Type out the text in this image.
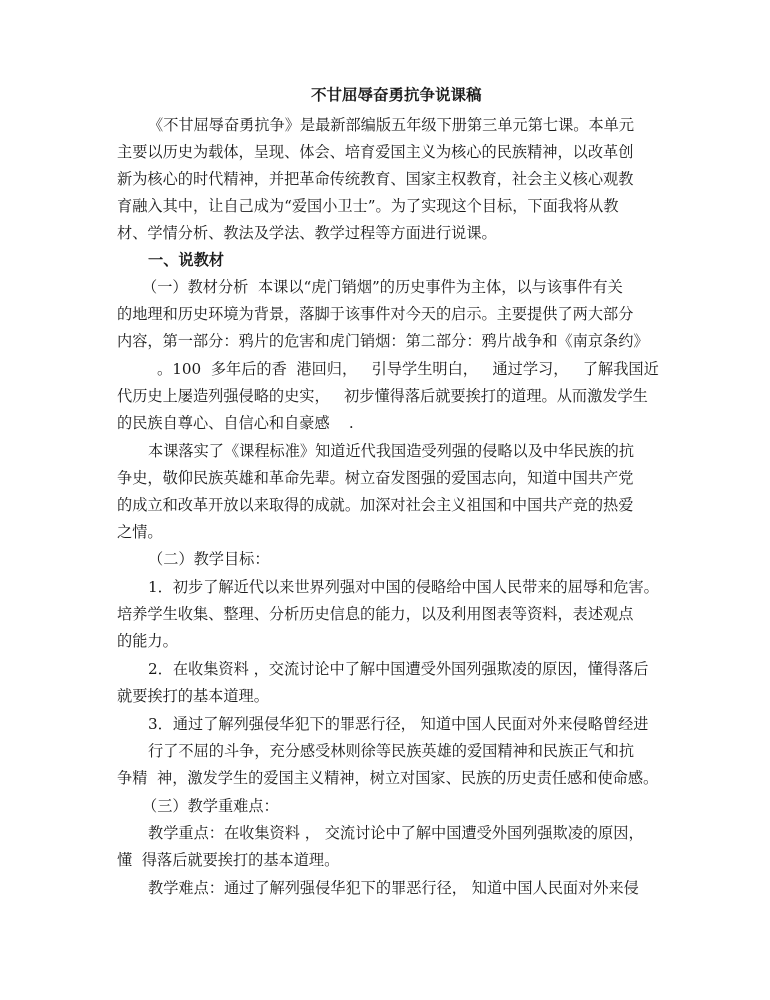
不甘屈辱奋勇抗争说课稿

《不甘屈辱奋勇抗争》是最新部编版五年级下册第三单元第七课。本单元

主要以历史为载体，呈现、体会、培育爱国主义为核心的民族精神，以改革创

新为核心的时代精神，并把革命传统教育、国家主权教育，社会主义核心观教

育融入其中，让自己成为“爱国小卫士”。为了实现这个目标，下面我将从教

材、学情分析、教法及学法、教学过程等方面进行说课。

一、说教材

（一）教材分析  本课以“虎门销烟”的历史事件为主体，以与该事件有关

的地理和历史环境为背景，落脚于该事件对今天的启示。主要提供了两大部分

内容，第一部分：鸦片的危害和虎门销烟：第二部分：鸦片战争和《南京条约》

。100  多年后的香  港回归，   引导学生明白，   通过学习，   了解我国近

代历史上屡造列强侵略的史实，   初步懂得落后就要挨打的道理。从而激发学生

的民族自尊心、自信心和自豪感    .

本课落实了《课程标准》知道近代我国造受列强的侵略以及中华民族的抗

争史，敬仰民族英雄和革命先辈。树立奋发图强的爱国志向，知道中国共产党

的成立和改革开放以来取得的成就。加深对社会主义祖国和中国共产竞的热爱

之情。

（二）教学目标：

1．初步了解近代以来世界列强对中国的侵略给中国人民带来的屈辱和危害。

培养学生收集、整理、分析历史信息的能力，以及利用图表等资料，表述观点

的能力。

2．在收集资料 ，交流讨论中了解中国遭受外国列强欺凌的原因，懂得落后

就要挨打的基本道理。

3．通过了解列强侵华犯下的罪恶行径， 知道中国人民面对外来侵略曾经进

行了不屈的斗争，充分感受林则徐等民族英雄的爱国精神和民族正气和抗

争精  神，激发学生的爱国主义精神，树立对国家、民族的历史责任感和使命感。

（三）教学重难点：

教学重点：在收集资料 ， 交流讨论中了解中国遭受外国列强欺凌的原因，

懂  得落后就要挨打的基本道理。

教学难点：通过了解列强侵华犯下的罪恶行径， 知道中国人民面对外来侵
